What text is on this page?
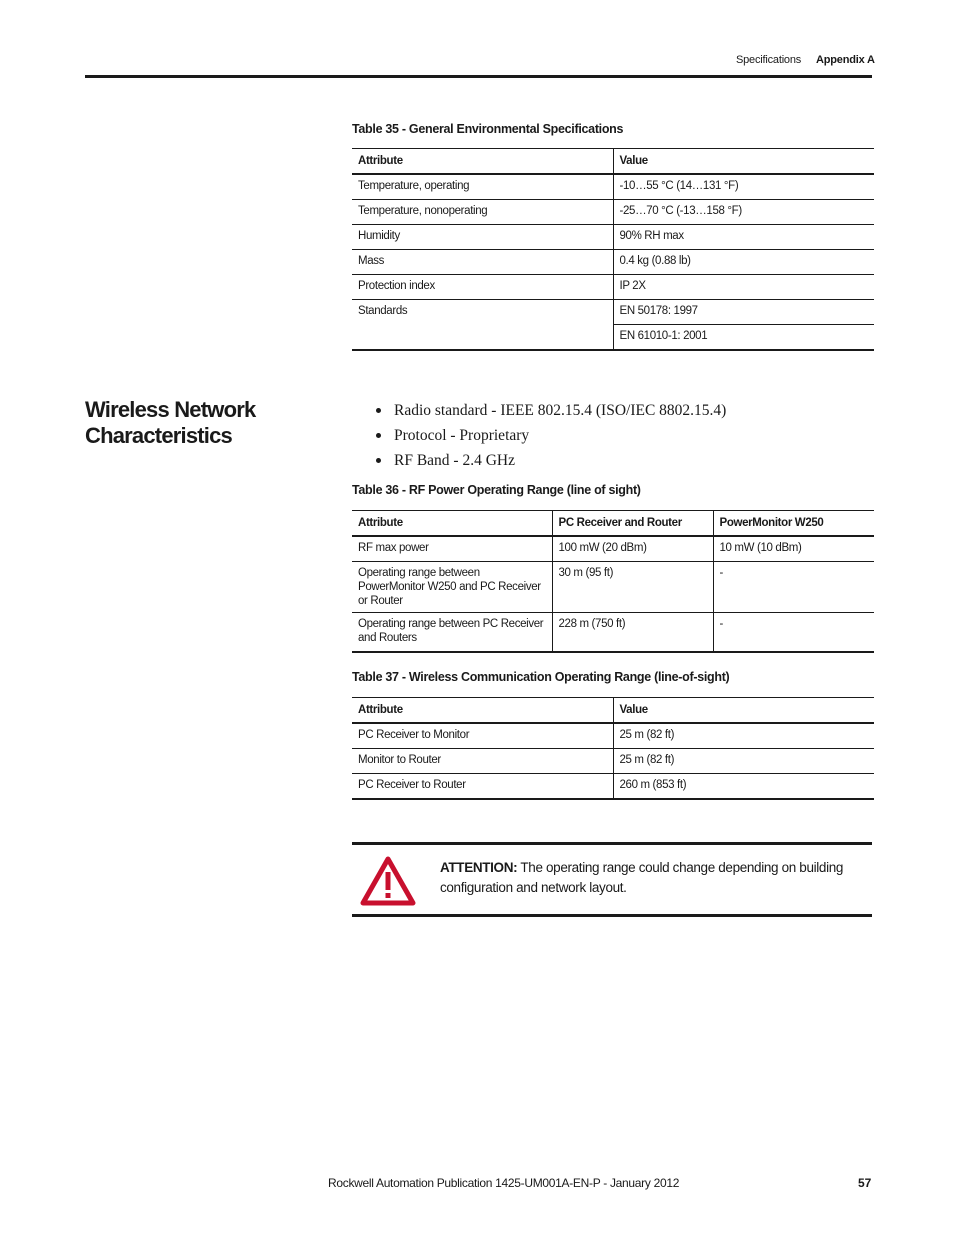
Specifications Appendix A
Table 35 - General Environmental Specifications
Attribute	Value
Temperature, operating	-10…55 °C (14…131 °F)
Temperature, nonoperating	-25…70 °C (-13…158 °F)
Humidity	90% RH max
Mass	0.4 kg (0.88 lb)
Protection index	IP 2X
Standards	EN 50178: 1997
	EN 61010-1: 2001
Wireless Network Characteristics
Radio standard - IEEE 802.15.4 (ISO/IEC 8802.15.4)
Protocol - Proprietary
RF Band - 2.4 GHz
Table 36 - RF Power Operating Range (line of sight)
Attribute	PC Receiver and Router	PowerMonitor W250
RF max power	100 mW (20 dBm)	10 mW (10 dBm)
Operating range between PowerMonitor W250 and PC Receiver or Router	30 m (95 ft)	-
Operating range between PC Receiver and Routers	228 m (750 ft)	-
Table 37 - Wireless Communication Operating Range (line-of-sight)
Attribute	Value
PC Receiver to Monitor	25 m (82 ft)
Monitor to Router	25 m (82 ft)
PC Receiver to Router	260 m (853 ft)
ATTENTION: The operating range could change depending on building configuration and network layout.
Rockwell Automation Publication 1425-UM001A-EN-P - January 2012	57
